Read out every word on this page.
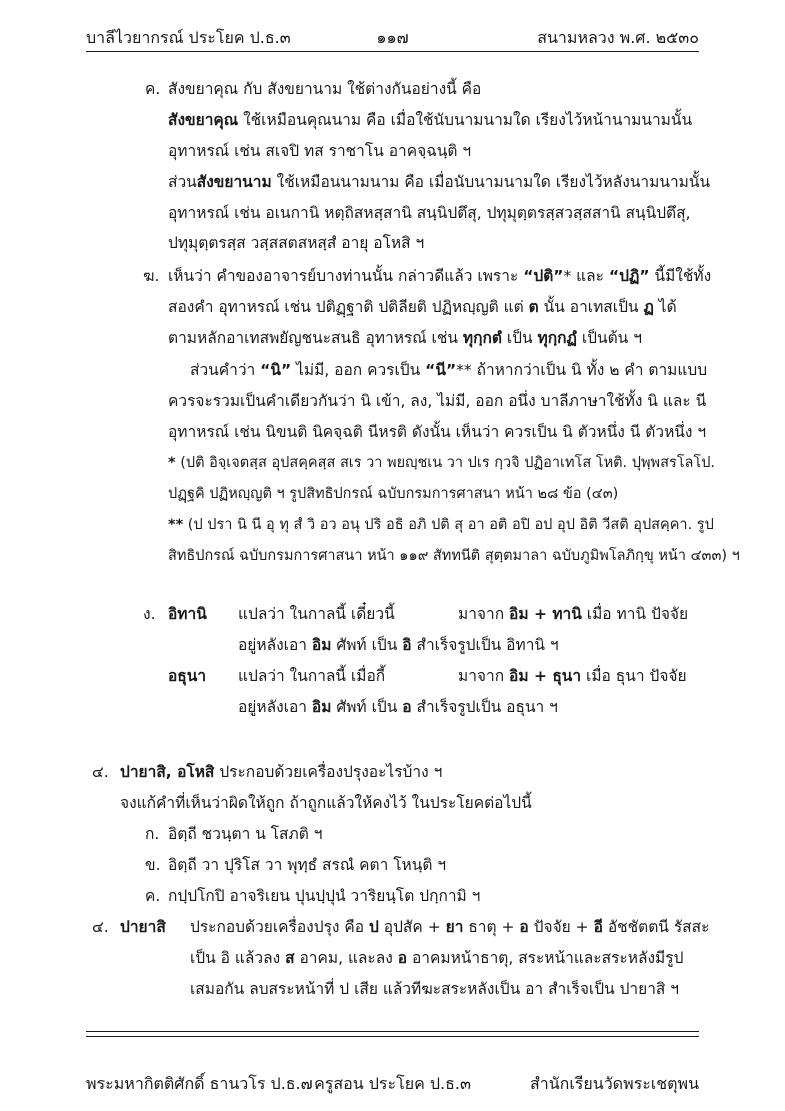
บาลีไวยากรณ์ ประโยค ป.ธ.๓	๑๑๗	สนามหลวง พ.ศ. ๒๕๓๐
ค. สังขยาคุณ กับ สังขยานาม ใช้ต่างกันอย่างนี้ คือ
สังขยาคุณ ใช้เหมือนคุณนาม คือ เมื่อใช้นับนามนามใด เรียงไว้หน้านามนามนั้น
อุทาหรณ์ เช่น สเจปิ ทส ราชาโน อาคจฺฉนฺติ ฯ
ส่วนสังขยานาม ใช้เหมือนนามนาม คือ เมื่อนับนามนามใด เรียงไว้หลังนามนามนั้น
อุทาหรณ์ เช่น อเนกานิ หตฺถิสหสฺสานิ สนฺนิปตึสุ, ปทุมุตฺตรสฺสวสฺสสานิ สนฺนิปตึสุ,
ปทุมุตฺตรสฺส วสฺสสตสหสฺสํ อายุ อโหสิ ฯ
ฆ. เห็นว่า คำของอาจารย์บางท่านนั้น กล่าวดีแล้ว เพราะ “ปติ”* และ “ปฏิ” นี้มีใช้ทั้ง
สองคำ อุทาหรณ์ เช่น ปติฏฺฐาติ ปติลียติ ปฏิหญฺญติ แต่ ต นั้น อาเทสเป็น ฏ ได้
ตามหลักอาเทสพยัญชนะสนธิ อุทาหรณ์ เช่น ทุกฺกตํ เป็น ทุกฺกฏํ เป็นต้น ฯ
ส่วนคำว่า “นิ” ไม่มี, ออก ควรเป็น “นี”** ถ้าหากว่าเป็น นิ ทั้ง ๒ คำ ตามแบบ
ควรจะรวมเป็นคำเดียวกันว่า นิ เข้า, ลง, ไม่มี, ออก อนึ่ง บาลีภาษาใช้ทั้ง นิ และ นี
อุทาหรณ์ เช่น นิขนติ นิคจฺฉติ นีหรติ ดังนั้น เห็นว่า ควรเป็น นิ ตัวหนึ่ง นี ตัวหนึ่ง ฯ
* (ปติ อิจฺเจตสฺส อุปสคฺคสฺส สเร วา พยญฺชเน วา ปเร กฺวจิ ปฏิอาเทโส โหติ. ปุพฺพสรโลโป.
ปฏฺฐคิ ปฏิหญฺญติ ฯ รูปสิทธิปกรณ์ ฉบับกรมการศาสนา หน้า ๒๘ ข้อ (๔๓)
** (ป ปรา นิ นี อุ ทุ สํ วิ อว อนุ ปริ อธิ อภิ ปติ สุ อา อติ อปิ อป อุป อิติ วีสติ อุปสคฺคา. รูป
สิทธิปกรณ์ ฉบับกรมการศาสนา หน้า ๑๑๙ สัททนีติ สุตฺตมาลา ฉบับภูมิพโลภิกฺขุ หน้า ๔๓๓) ฯ
ง. อิทานิ แปลว่า ในกาลนี้ เดี๋ยวนี้	มาจาก อิม + ทานิ เมื่อ ทานิ ปัจจัย
อยู่หลังเอา อิม ศัพท์ เป็น อิ สำเร็จรูปเป็น อิทานิ ฯ
อธุนา แปลว่า ในกาลนี้ เมื่อกี้	มาจาก อิม + ธุนา เมื่อ ธุนา ปัจจัย
อยู่หลังเอา อิม ศัพท์ เป็น อ สำเร็จรูปเป็น อธุนา ฯ
๔. ปายาสิ, อโหสิ ประกอบด้วยเครื่องปรุงอะไรบ้าง ฯ
จงแก้คำที่เห็นว่าผิดให้ถูก ถ้าถูกแล้วให้คงไว้ ในประโยคต่อไปนี้
ก. อิตฺถี ชวนฺตา น โสภติ ฯ
ข. อิตฺถี วา ปุริโส วา พุทฺธํ สรณํ คตา โหนฺติ ฯ
ค. กปฺปโกปิ อาจริเยน ปุนปฺปุนํ วาริยนฺโต ปกฺกามิ ฯ
๔. ปายาสิ ประกอบด้วยเครื่องปรุง คือ ป อุปสัค + ยา ธาตุ + อ ปัจจัย + อี อัชชัตตนี รัสสะ
เป็น อิ แล้วลง ส อาคม, และลง อ อาคมหน้าธาตุ, สระหน้าและสระหลังมีรูป
เสมอกัน ลบสระหน้าที่ ป เสีย แล้วทีฆะสระหลังเป็น อา สำเร็จเป็น ปายาสิ ฯ
พระมหากิตติศักดิ์ ธานวโร ป.ธ.๗ ครูสอน ประโยค ป.ธ.๓	สำนักเรียนวัดพระเชตุพน
